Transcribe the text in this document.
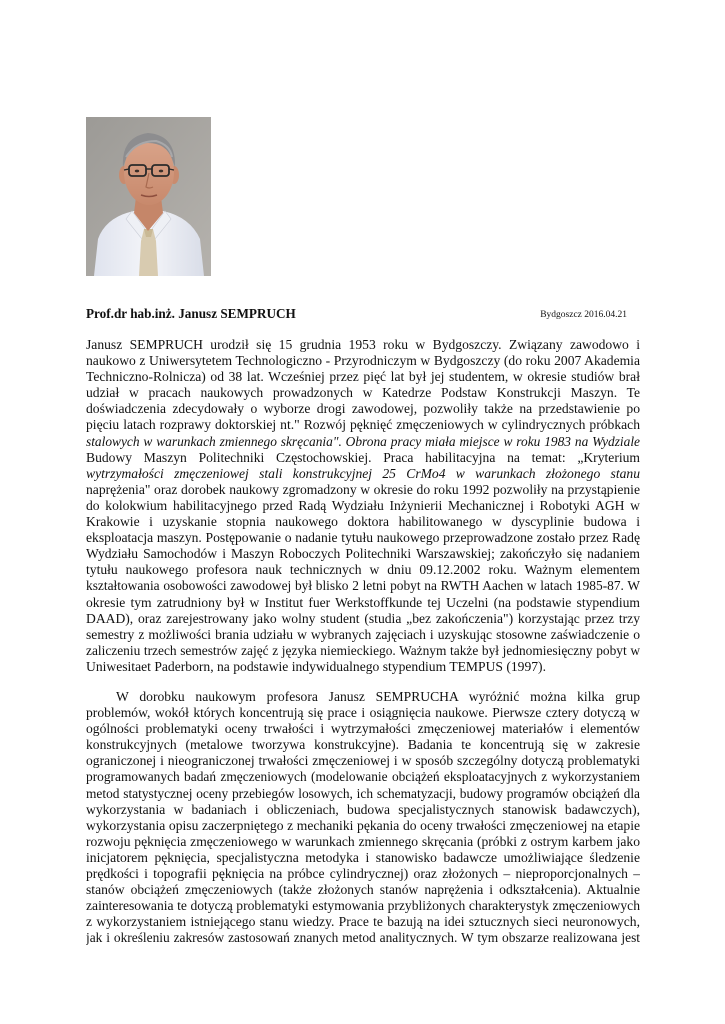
Prof.dr hab.inż. Janusz SEMPRUCH	Bydgoszcz 2016.04.21
Janusz SEMPRUCH urodził się 15 grudnia 1953 roku w Bydgoszczy. Związany zawodowo i
naukowo z Uniwersytetem Technologiczno - Przyrodniczym w Bydgoszczy (do roku 2007 Akademia
Techniczno-Rolnicza) od 38 lat. Wcześniej przez pięć lat był jej studentem, w okresie studiów brał
udział w pracach naukowych prowadzonych w Katedrze Podstaw Konstrukcji Maszyn. Te
doświadczenia zdecydowały o wyborze drogi zawodowej, pozwoliły także na przedstawienie po
pięciu latach rozprawy doktorskiej nt." Rozwój pęknięć zmęczeniowych w cylindrycznych próbkach
stalowych w warunkach zmiennego skręcania". Obrona pracy miała miejsce w roku 1983 na Wydziale
Budowy Maszyn Politechniki Częstochowskiej. Praca habilitacyjna na temat: „Kryterium
wytrzymałości zmęczeniowej stali konstrukcyjnej 25 CrMo4 w warunkach złożonego stanu
naprężenia" oraz dorobek naukowy zgromadzony w okresie do roku 1992 pozwoliły na przystąpienie
do kolokwium habilitacyjnego przed Radą Wydziału Inżynierii Mechanicznej i Robotyki AGH w
Krakowie i uzyskanie stopnia naukowego doktora habilitowanego w dyscyplinie budowa i
eksploatacja maszyn. Postępowanie o nadanie tytułu naukowego przeprowadzone zostało przez Radę
Wydziału Samochodów i Maszyn Roboczych Politechniki Warszawskiej; zakończyło się nadaniem
tytułu naukowego profesora nauk technicznych w dniu 09.12.2002 roku. Ważnym elementem
kształtowania osobowości zawodowej był blisko 2 letni pobyt na RWTH Aachen w latach 1985-87. W
okresie tym zatrudniony był w Institut fuer Werkstoffkunde tej Uczelni (na podstawie stypendium
DAAD), oraz zarejestrowany jako wolny student (studia „bez zakończenia") korzystając przez trzy
semestry z możliwości brania udziału w wybranych zajęciach i uzyskując stosowne zaświadczenie o
zaliczeniu trzech semestrów zajęć z języka niemieckiego. Ważnym także był jednomiesięczny pobyt w
Uniwesitaet Paderborn, na podstawie indywidualnego stypendium TEMPUS (1997).
W dorobku naukowym profesora Janusz SEMPRUCHA wyróżnić można kilka grup
problemów, wokół których koncentrują się prace i osiągnięcia naukowe. Pierwsze cztery dotyczą w
ogólności problematyki oceny trwałości i wytrzymałości zmęczeniowej materiałów i elementów
konstrukcyjnych (metalowe tworzywa konstrukcyjne). Badania te koncentrują się w zakresie
ograniczonej i nieograniczonej trwałości zmęczeniowej i w sposób szczególny dotyczą problematyki
programowanych badań zmęczeniowych (modelowanie obciążeń eksploatacyjnych z wykorzystaniem
metod statystycznej oceny przebiegów losowych, ich schematyzacji, budowy programów obciążeń dla
wykorzystania w badaniach i obliczeniach, budowa specjalistycznych stanowisk badawczych),
wykorzystania opisu zaczerpniętego z mechaniki pękania do oceny trwałości zmęczeniowej na etapie
rozwoju pęknięcia zmęczeniowego w warunkach zmiennego skręcania (próbki z ostrym karbem jako
inicjatorem pęknięcia, specjalistyczna metodyka i stanowisko badawcze umożliwiające śledzenie
prędkości i topografii pęknięcia na próbce cylindrycznej) oraz złożonych – nieproporcjonalnych –
stanów obciążeń zmęczeniowych (także złożonych stanów naprężenia i odkształcenia). Aktualnie
zainteresowania te dotyczą problematyki estymowania przybliżonych charakterystyk zmęczeniowych
z wykorzystaniem istniejącego stanu wiedzy. Prace te bazują na idei sztucznych sieci neuronowych,
jak i określeniu zakresów zastosowań znanych metod analitycznych. W tym obszarze realizowana jest
